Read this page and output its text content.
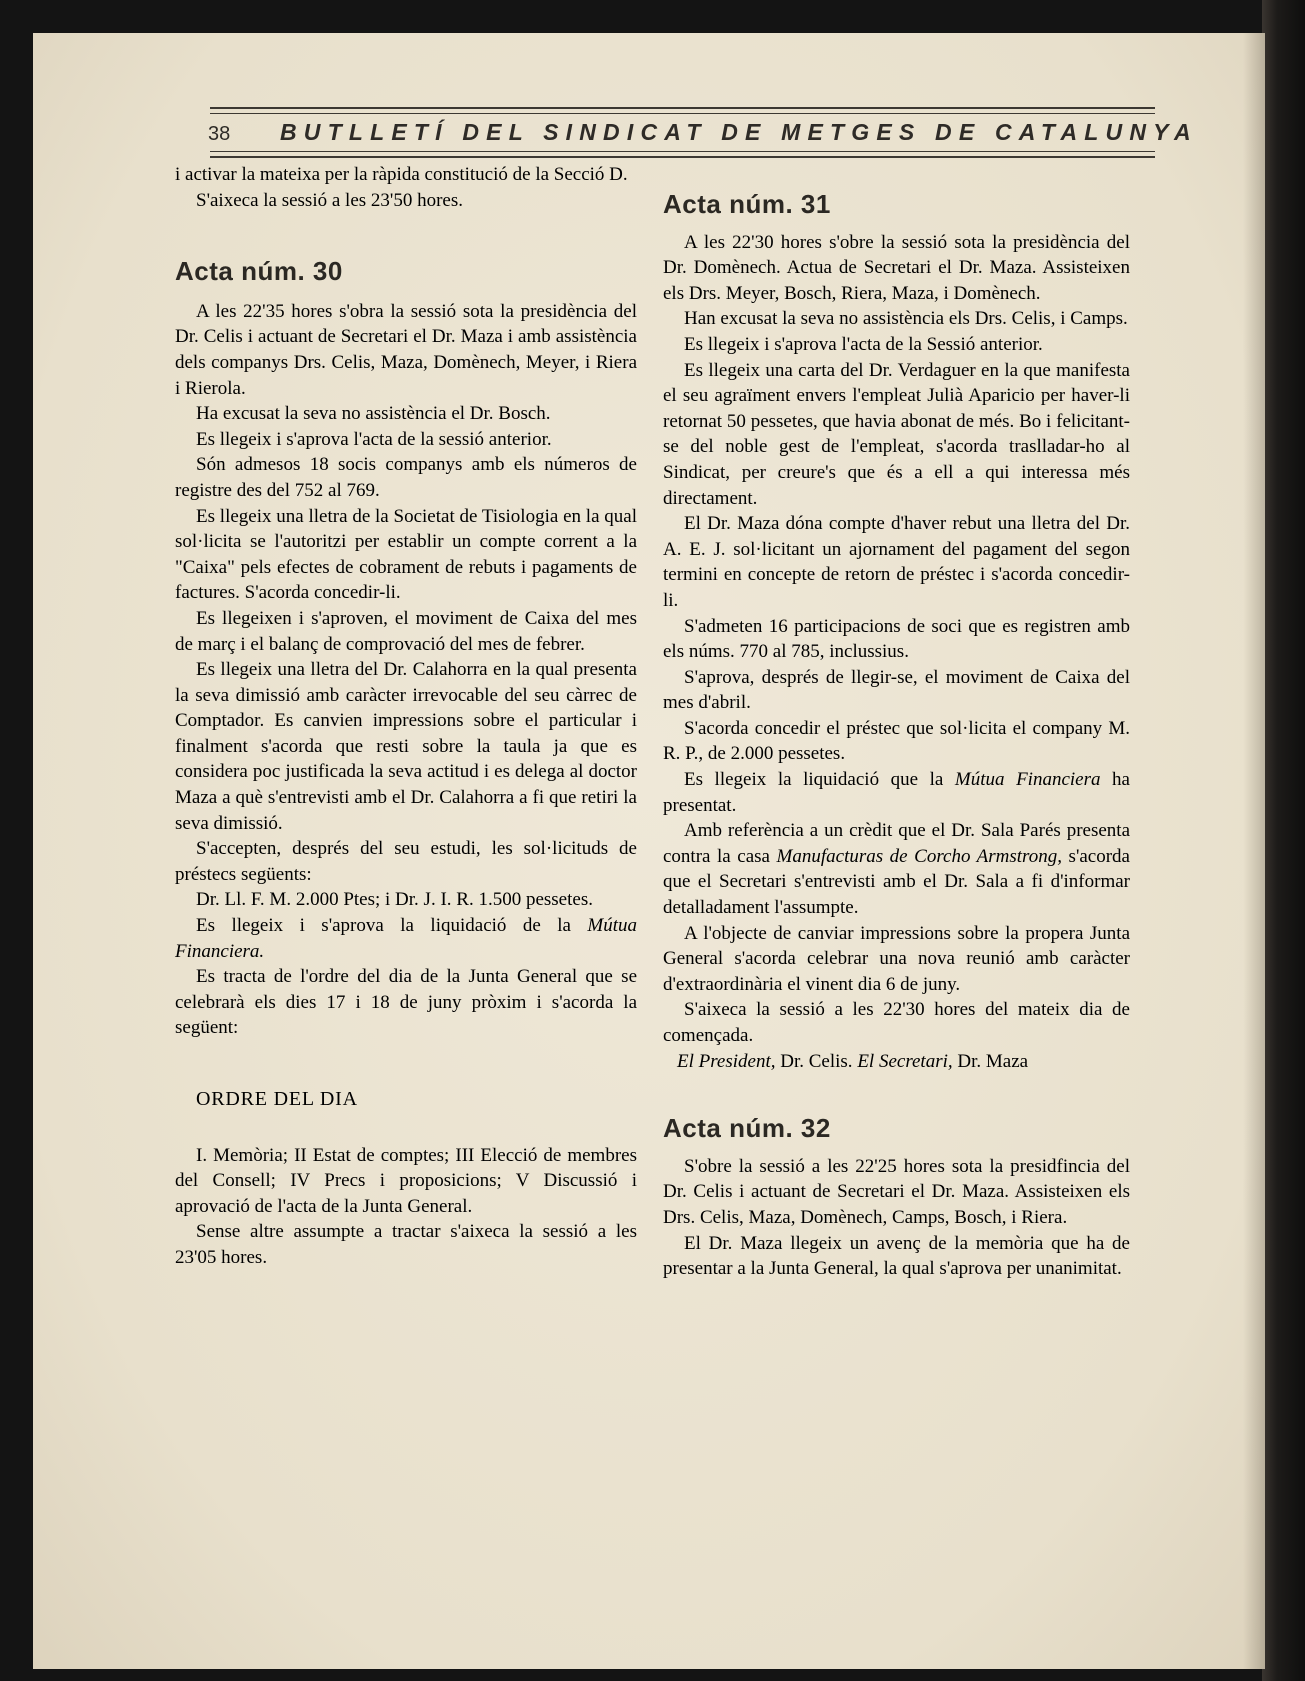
38 BUTLLETÍ DEL SINDICAT DE METGES DE CATALUNYA

i activar la mateixa per la ràpida constitució de la Secció D.

S'aixeca la sessió a les 23'50 hores.

Acta núm. 30

A les 22'35 hores s'obra la sessió sota la presidència del Dr. Celis i actuant de Secretari el Dr. Maza i amb assistència dels companys Drs. Celis, Maza, Domènech, Meyer, i Riera i Rierola.

Ha excusat la seva no assistència el Dr. Bosch.

Es llegeix i s'aprova l'acta de la sessió anterior.

Són admesos 18 socis companys amb els números de registre des del 752 al 769.

Es llegeix una lletra de la Societat de Tisiologia en la qual sol·licita se l'autoritzi per establir un compte corrent a la "Caixa" pels efectes de cobrament de rebuts i pagaments de factures. S'acorda concedir-li.

Es llegeixen i s'aproven, el moviment de Caixa del mes de març i el balanç de comprovació del mes de febrer.

Es llegeix una lletra del Dr. Calahorra en la qual presenta la seva dimissió amb caràcter irrevocable del seu càrrec de Comptador. Es canvien impressions sobre el particular i finalment s'acorda que resti sobre la taula ja que es considera poc justificada la seva actitud i es delega al doctor Maza a què s'entrevisti amb el Dr. Calahorra a fi que retiri la seva dimissió.

S'accepten, després del seu estudi, les sol·licituds de préstecs següents:

Dr. Ll. F. M. 2.000 Ptes; i Dr. J. I. R. 1.500 pessetes.

Es llegeix i s'aprova la liquidació de la Mútua Financiera.

Es tracta de l'ordre del dia de la Junta General que se celebrarà els dies 17 i 18 de juny pròxim i s'acorda la següent:

ORDRE DEL DIA

I. Memòria; II Estat de comptes; III Elecció de membres del Consell; IV Precs i proposicions; V Discussió i aprovació de l'acta de la Junta General.

Sense altre assumpte a tractar s'aixeca la sessió a les 23'05 hores.

Acta núm. 31

A les 22'30 hores s'obre la sessió sota la presidència del Dr. Domènech. Actua de Secretari el Dr. Maza. Assisteixen els Drs. Meyer, Bosch, Riera, Maza, i Domènech.

Han excusat la seva no assistència els Drs. Celis, i Camps.

Es llegeix i s'aprova l'acta de la Sessió anterior.

Es llegeix una carta del Dr. Verdaguer en la que manifesta el seu agraïment envers l'empleat Julià Aparicio per haver-li retornat 50 pessetes, que havia abonat de més. Bo i felicitant-se del noble gest de l'empleat, s'acorda traslladar-ho al Sindicat, per creure's que és a ell a qui interessa més directament.

El Dr. Maza dóna compte d'haver rebut una lletra del Dr. A. E. J. sol·licitant un ajornament del pagament del segon termini en concepte de retorn de préstec i s'acorda concedir-li.

S'admeten 16 participacions de soci que es registren amb els núms. 770 al 785, inclussius.

S'aprova, després de llegir-se, el moviment de Caixa del mes d'abril.

S'acorda concedir el préstec que sol·licita el company M. R. P., de 2.000 pessetes.

Es llegeix la liquidació que la Mútua Financiera ha presentat.

Amb referència a un crèdit que el Dr. Sala Parés presenta contra la casa Manufacturas de Corcho Armstrong, s'acorda que el Secretari s'entrevisti amb el Dr. Sala a fi d'informar detalladament l'assumpte.

A l'objecte de canviar impressions sobre la propera Junta General s'acorda celebrar una nova reunió amb caràcter d'extraordinària el vinent dia 6 de juny.

S'aixeca la sessió a les 22'30 hores del mateix dia de començada.

El President, Dr. Celis. El Secretari, Dr. Maza

Acta núm. 32

S'obre la sessió a les 22'25 hores sota la presidfincia del Dr. Celis i actuant de Secretari el Dr. Maza. Assisteixen els Drs. Celis, Maza, Domènech, Camps, Bosch, i Riera.

El Dr. Maza llegeix un avenç de la memòria que ha de presentar a la Junta General, la qual s'aprova per unanimitat.
